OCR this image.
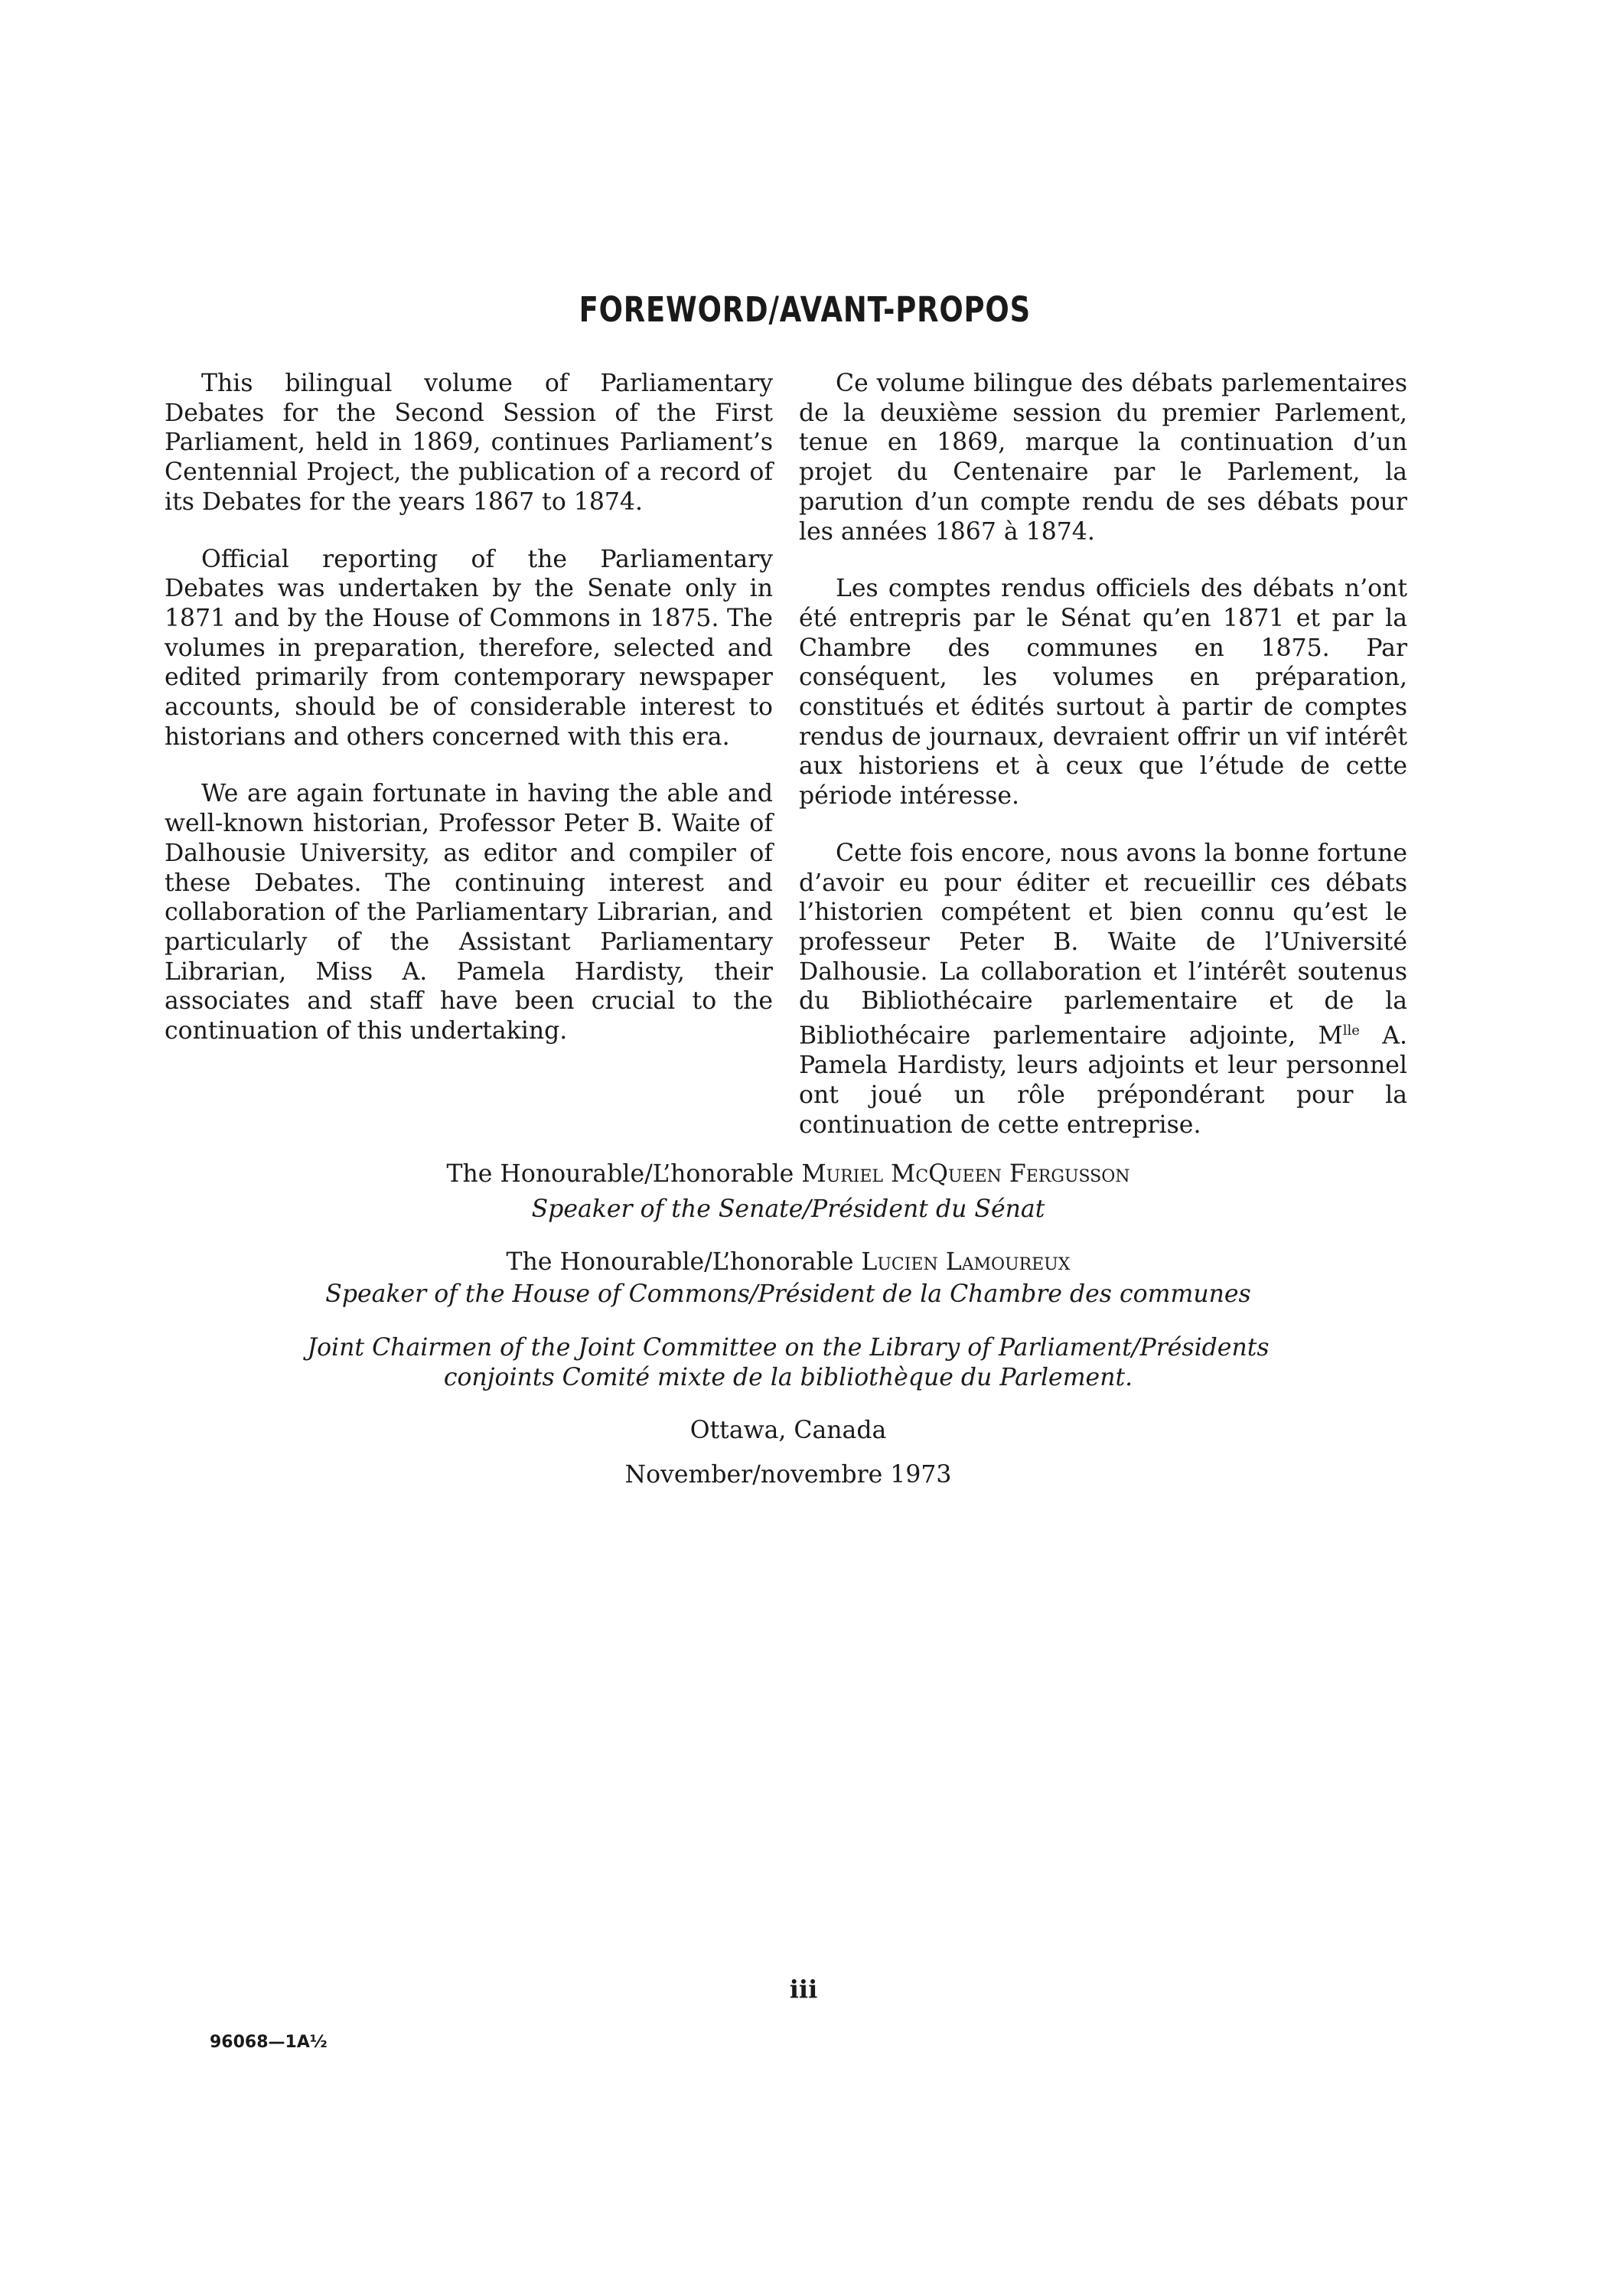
FOREWORD/AVANT-PROPOS

This bilingual volume of Parliamentary Debates for the Second Session of the First Parliament, held in 1869, continues Parliament’s Centennial Project, the publication of a record of its Debates for the years 1867 to 1874.

Official reporting of the Parliamentary Debates was undertaken by the Senate only in 1871 and by the House of Commons in 1875. The volumes in preparation, therefore, selected and edited primarily from contemporary newspaper accounts, should be of considerable interest to historians and others concerned with this era.

We are again fortunate in having the able and well-known historian, Professor Peter B. Waite of Dalhousie University, as editor and compiler of these Debates. The continuing interest and collaboration of the Parliamentary Librarian, and particularly of the Assistant Parliamentary Librarian, Miss A. Pamela Hardisty, their associates and staff have been crucial to the continuation of this undertaking.

Ce volume bilingue des débats parlementaires de la deuxième session du premier Parlement, tenue en 1869, marque la continuation d’un projet du Centenaire par le Parlement, la parution d’un compte rendu de ses débats pour les années 1867 à 1874.

Les comptes rendus officiels des débats n’ont été entrepris par le Sénat qu’en 1871 et par la Chambre des communes en 1875. Par conséquent, les volumes en préparation, constitués et édités surtout à partir de comptes rendus de journaux, devraient offrir un vif intérêt aux historiens et à ceux que l’étude de cette période intéresse.

Cette fois encore, nous avons la bonne fortune d’avoir eu pour éditer et recueillir ces débats l’historien compétent et bien connu qu’est le professeur Peter B. Waite de l’Université Dalhousie. La collaboration et l’intérêt soutenus du Bibliothécaire parlementaire et de la Bibliothécaire parlementaire adjointe, $M^{lle}$ A. Pamela Hardisty, leurs adjoints et leur personnel ont joué un rôle prépondérant pour la continuation de cette entreprise.

The Honourable/L’honorable Muriel McQueen Fergusson

Speaker of the Senate/Président du Sénat

The Honourable/L’honorable Lucien Lamoureux

Speaker of the House of Commons/Président de la Chambre des communes

Joint Chairmen of the Joint Committee on the Library of Parliament/Présidents

conjoints Comité mixte de la bibliothèque du Parlement.

Ottawa, Canada

November/novembre 1973

iii

96068—1A½
